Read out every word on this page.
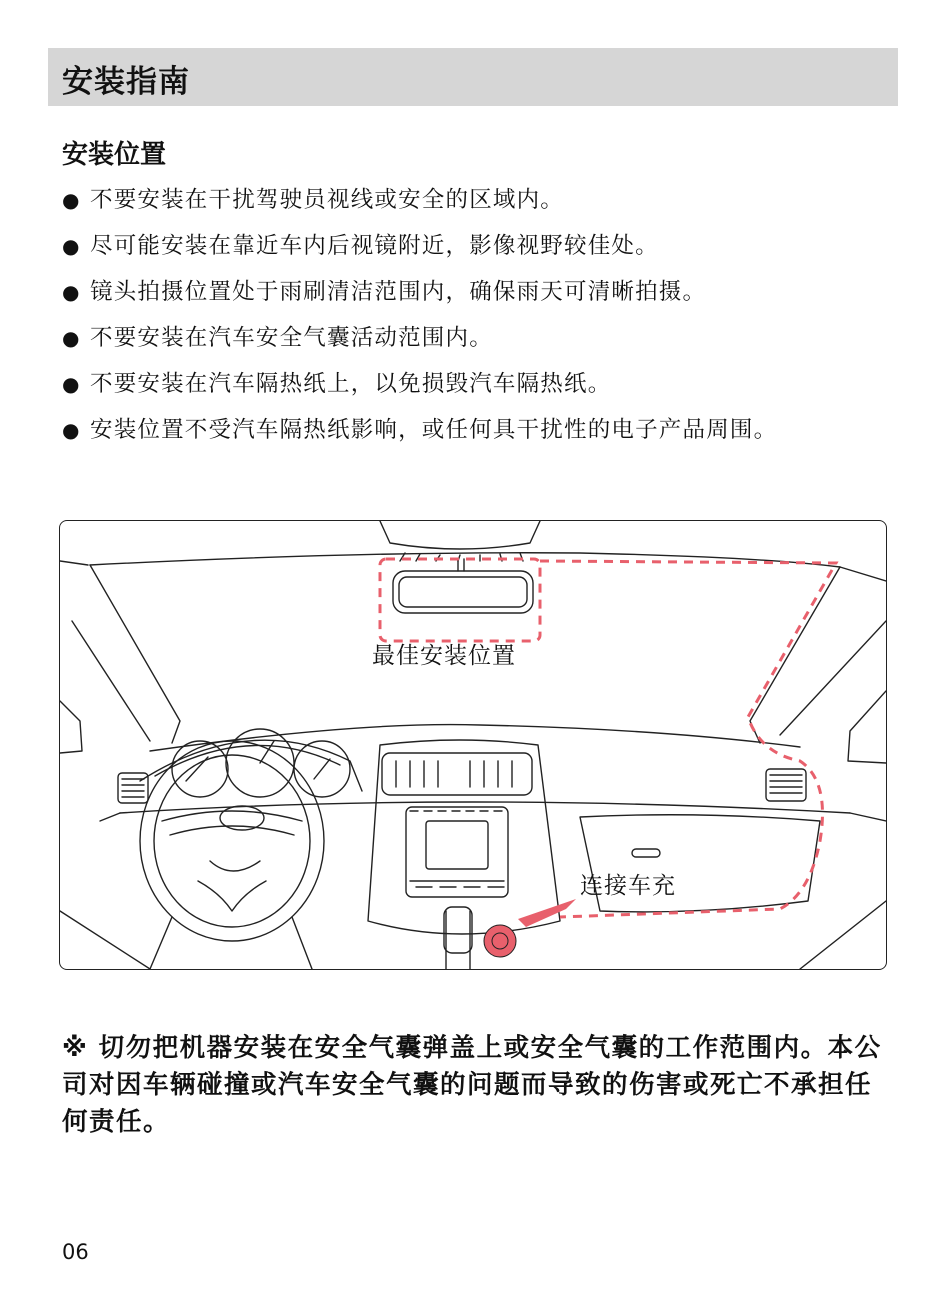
安装指南
安装位置
● 不要安装在干扰驾驶员视线或安全的区域内。
● 尽可能安装在靠近车内后视镜附近，影像视野较佳处。
● 镜头拍摄位置处于雨刷清洁范围内，确保雨天可清晰拍摄。
● 不要安装在汽车安全气囊活动范围内。
● 不要安装在汽车隔热纸上，以免损毁汽车隔热纸。
● 安装位置不受汽车隔热纸影响，或任何具干扰性的电子产品周围。
最佳安装位置
连接车充
※ 切勿把机器安装在安全气囊弹盖上或安全气囊的工作范围内。本公司对因车辆碰撞或汽车安全气囊的问题而导致的伤害或死亡不承担任何责任。
06
